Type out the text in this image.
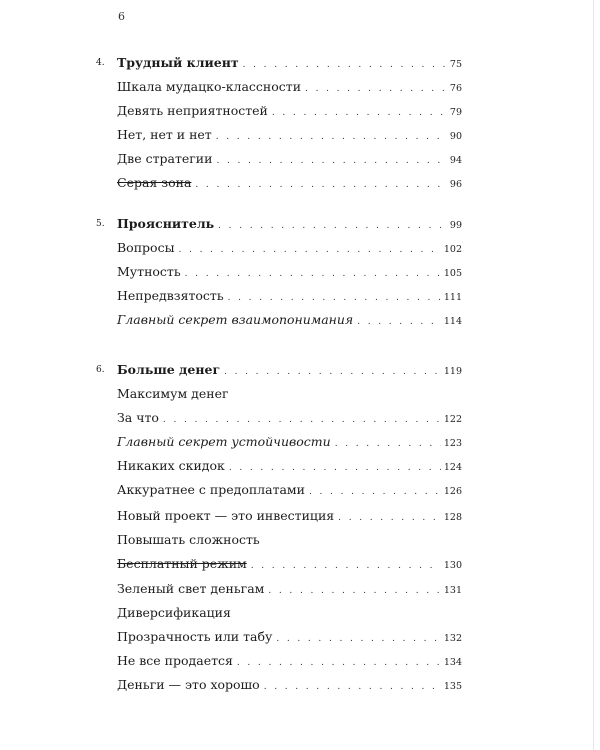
6
4. Трудный клиент . . .	75
Шкала мудацко-классности . . .	76
Девять неприятностей . . .	79
Нет, нет и нет . . .	90
Две стратегии . . .	94
Серая зона . . .	96
5. Прояснитель . . .	99
Вопросы . . .	102
Мутность . . .	105
Непредвзятость . . .	111
Главный секрет взаимопонимания . . .	114
6. Больше денег . . .	119
Максимум денег
За что . . .	122
Главный секрет устойчивости . . .	123
Никаких скидок . . .	124
Аккуратнее с предоплатами . . .	126
Новый проект — это инвестиция . . .	128
Повышать сложность
Бесплатный режим . . .	130
Зеленый свет деньгам . . .	131
Диверсификация
Прозрачность или табу . . .	132
Не все продается . . .	134
Деньги — это хорошо . . .	135
